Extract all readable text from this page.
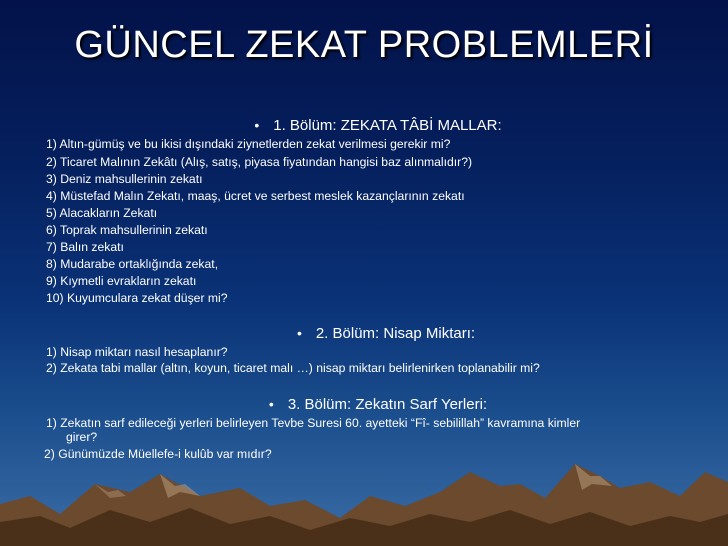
GÜNCEL ZEKAT PROBLEMLERİ
• 1. Bölüm: ZEKATA TÂBİ MALLAR:
1) Altın-gümüş ve bu ikisi dışındaki ziynetlerden zekat verilmesi gerekir mi?
2) Ticaret Malının Zekâtı (Alış, satış, piyasa fiyatından hangisi baz alınmalıdır?)
3) Deniz mahsullerinin zekatı
4) Müstefad Malın Zekatı, maaş, ücret ve serbest meslek kazançlarının zekatı
5) Alacakların Zekatı
6) Toprak mahsullerinin zekatı
7) Balın zekatı
8) Mudarabe ortaklığında zekat,
9) Kıymetli evrakların zekatı
10) Kuyumculara zekat düşer mi?
• 2. Bölüm: Nisap Miktarı:
1) Nisap miktarı nasıl hesaplanır?
2) Zekata tabi mallar (altın, koyun, ticaret malı …) nisap miktarı belirlenirken toplanabilir mi?
• 3. Bölüm: Zekatın Sarf Yerleri:
1) Zekatın sarf edileceği yerleri belirleyen Tevbe Suresi 60. ayetteki “Fî- sebilillah” kavramına kimler
girer?
2) Günümüzde Müellefe-i kulûb var mıdır?
